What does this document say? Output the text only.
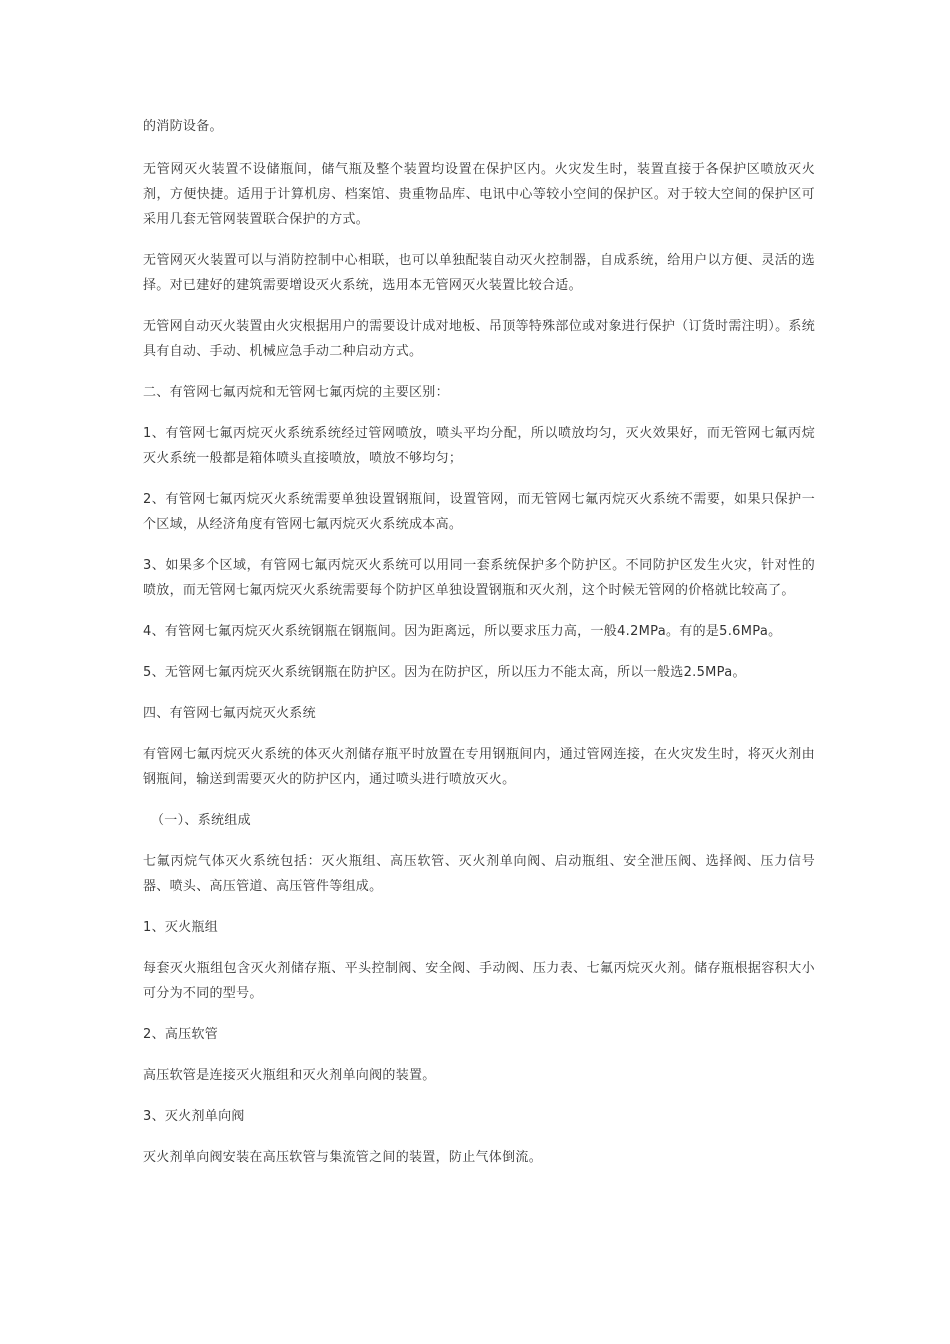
的消防设备。

无管网灭火装置不设储瓶间，储气瓶及整个装置均设置在保护区内。火灾发生时，装置直接于各保护区喷放灭火剂，方便快捷。适用于计算机房、档案馆、贵重物品库、电讯中心等较小空间的保护区。对于较大空间的保护区可采用几套无管网装置联合保护的方式。

无管网灭火装置可以与消防控制中心相联，也可以单独配装自动灭火控制器，自成系统，给用户以方便、灵活的选择。对已建好的建筑需要增设灭火系统，选用本无管网灭火装置比较合适。

无管网自动灭火装置由火灾根据用户的需要设计成对地板、吊顶等特殊部位或对象进行保护（订货时需注明）。系统具有自动、手动、机械应急手动二种启动方式。

二、有管网七氟丙烷和无管网七氟丙烷的主要区别：

1、有管网七氟丙烷灭火系统系统经过管网喷放，喷头平均分配，所以喷放均匀，灭火效果好，而无管网七氟丙烷灭火系统一般都是箱体喷头直接喷放，喷放不够均匀；

2、有管网七氟丙烷灭火系统需要单独设置钢瓶间，设置管网，而无管网七氟丙烷灭火系统不需要，如果只保护一个区域，从经济角度有管网七氟丙烷灭火系统成本高。

3、如果多个区域，有管网七氟丙烷灭火系统可以用同一套系统保护多个防护区。不同防护区发生火灾，针对性的喷放，而无管网七氟丙烷灭火系统需要每个防护区单独设置钢瓶和灭火剂，这个时候无管网的价格就比较高了。

4、有管网七氟丙烷灭火系统钢瓶在钢瓶间。因为距离远，所以要求压力高，一般4.2MPa。有的是5.6MPa。

5、无管网七氟丙烷灭火系统钢瓶在防护区。因为在防护区，所以压力不能太高，所以一般选2.5MPa。

四、有管网七氟丙烷灭火系统

有管网七氟丙烷灭火系统的体灭火剂储存瓶平时放置在专用钢瓶间内，通过管网连接，在火灾发生时，将灭火剂由钢瓶间，输送到需要灭火的防护区内，通过喷头进行喷放灭火。

（一）、系统组成

七氟丙烷气体灭火系统包括：灭火瓶组、高压软管、灭火剂单向阀、启动瓶组、安全泄压阀、选择阀、压力信号器、喷头、高压管道、高压管件等组成。

1、灭火瓶组

每套灭火瓶组包含灭火剂储存瓶、平头控制阀、安全阀、手动阀、压力表、七氟丙烷灭火剂。储存瓶根据容积大小可分为不同的型号。

2、高压软管

高压软管是连接灭火瓶组和灭火剂单向阀的装置。

3、灭火剂单向阀

灭火剂单向阀安装在高压软管与集流管之间的装置，防止气体倒流。
